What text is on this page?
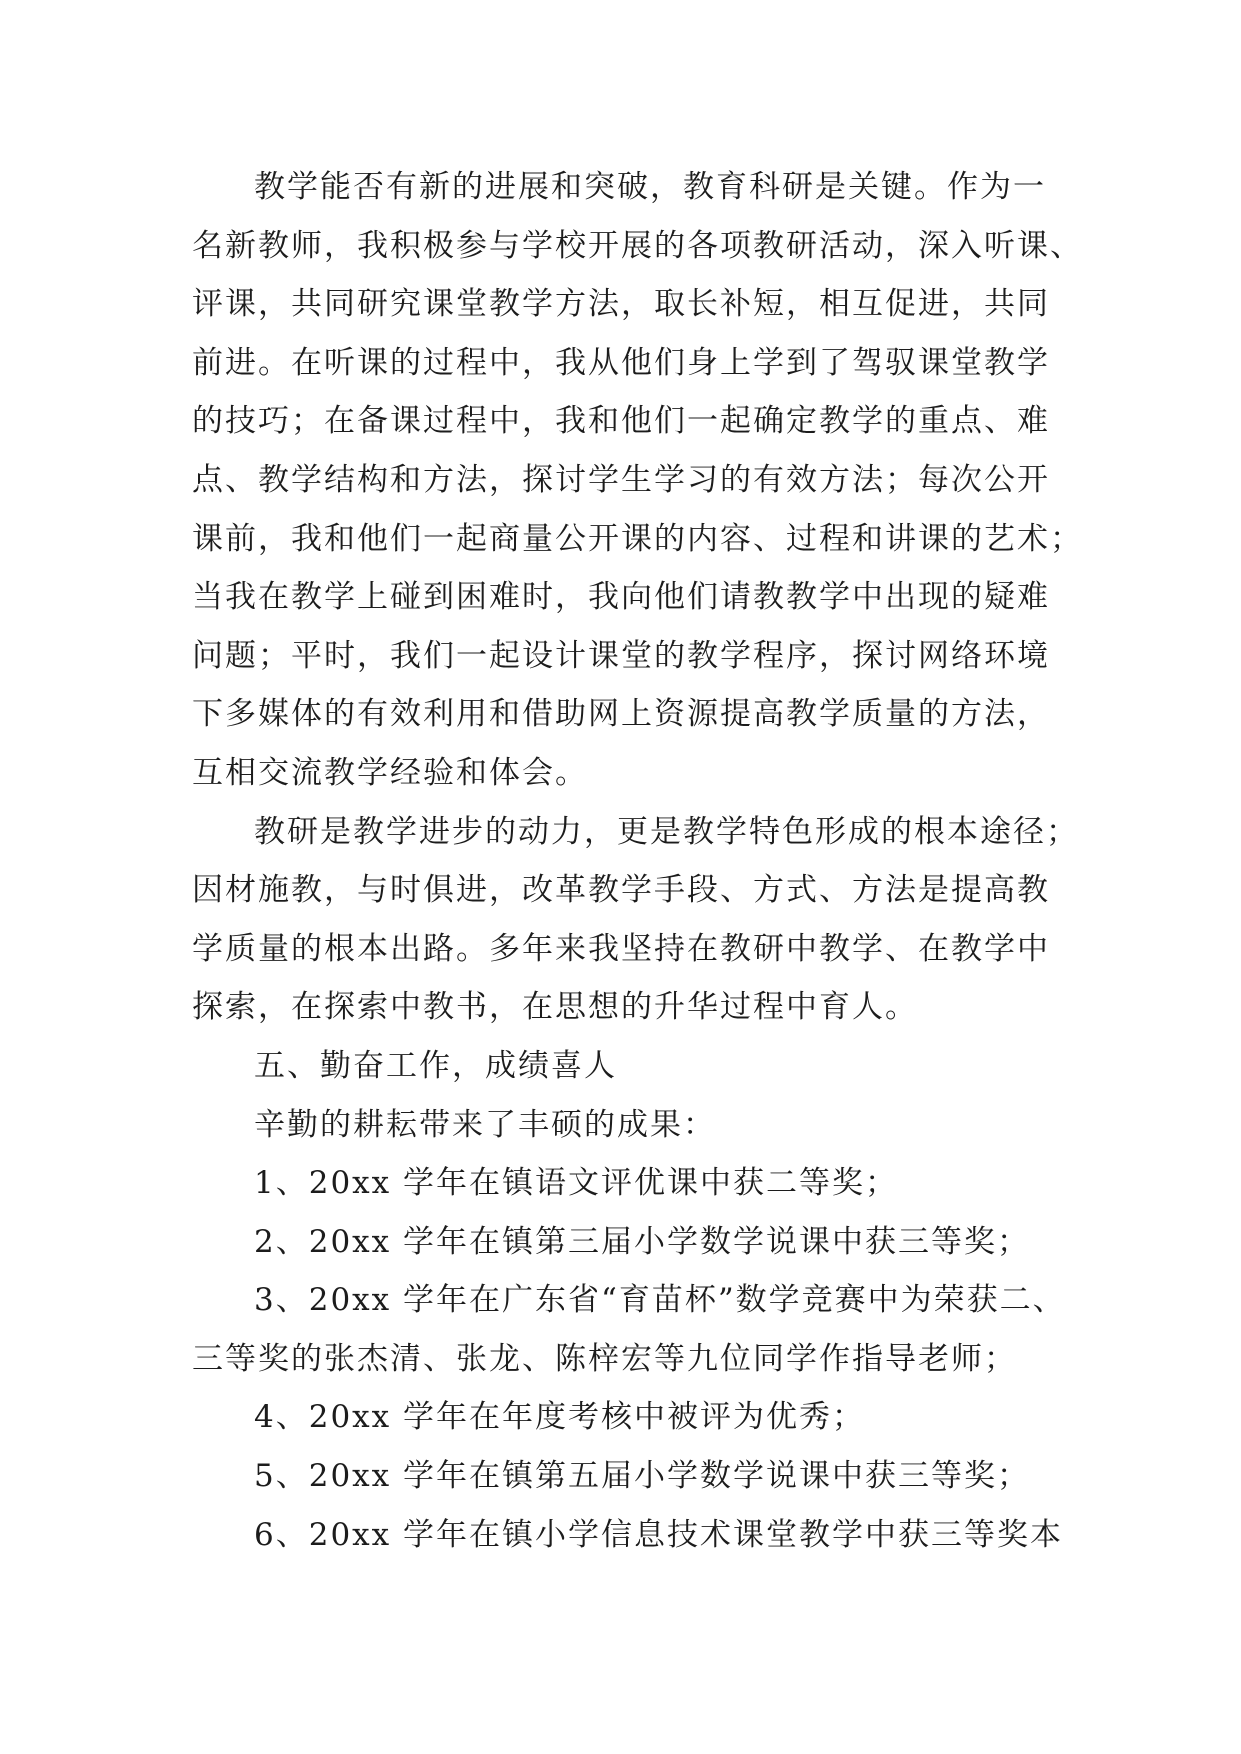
教学能否有新的进展和突破，教育科研是关键。作为一
名新教师，我积极参与学校开展的各项教研活动，深入听课、
评课，共同研究课堂教学方法，取长补短，相互促进，共同
前进。在听课的过程中，我从他们身上学到了驾驭课堂教学
的技巧；在备课过程中，我和他们一起确定教学的重点、难
点、教学结构和方法，探讨学生学习的有效方法；每次公开
课前，我和他们一起商量公开课的内容、过程和讲课的艺术；
当我在教学上碰到困难时，我向他们请教教学中出现的疑难
问题；平时，我们一起设计课堂的教学程序，探讨网络环境
下多媒体的有效利用和借助网上资源提高教学质量的方法，
互相交流教学经验和体会。
教研是教学进步的动力，更是教学特色形成的根本途径；
因材施教，与时俱进，改革教学手段、方式、方法是提高教
学质量的根本出路。多年来我坚持在教研中教学、在教学中
探索，在探索中教书，在思想的升华过程中育人。
五、勤奋工作，成绩喜人
辛勤的耕耘带来了丰硕的成果：
1、20xx 学年在镇语文评优课中获二等奖；
2、20xx 学年在镇第三届小学数学说课中获三等奖；
3、20xx 学年在广东省“育苗杯”数学竞赛中为荣获二、
三等奖的张杰清、张龙、陈梓宏等九位同学作指导老师；
4、20xx 学年在年度考核中被评为优秀；
5、20xx 学年在镇第五届小学数学说课中获三等奖；
6、20xx 学年在镇小学信息技术课堂教学中获三等奖本
